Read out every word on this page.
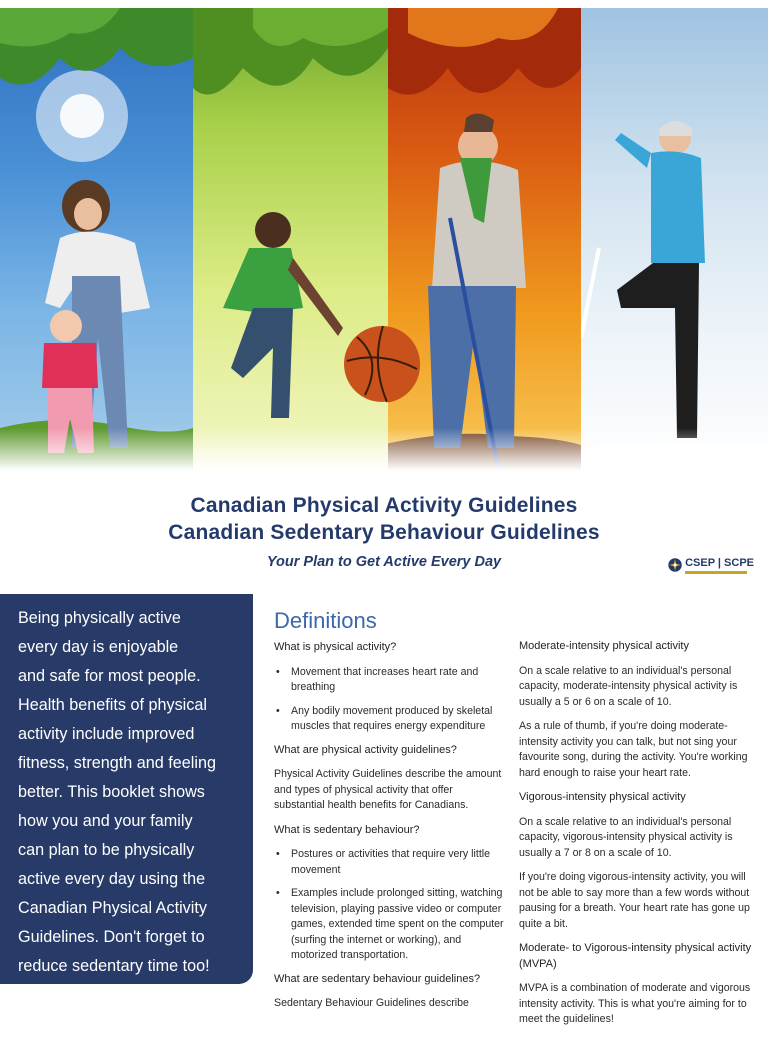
Canadian Physical Activity Guidelines
Canadian Sedentary Behaviour Guidelines
Your Plan to Get Active Every Day	CSEP | SCPE
Being physically active
every day is enjoyable
and safe for most people.
Health benefits of physical
activity include improved
fitness, strength and feeling
better. This booklet shows
how you and your family
can plan to be physically
active every day using the
Canadian Physical Activity
Guidelines. Don't forget to
reduce sedentary time too!
Definitions
What is physical activity?
• Movement that increases heart rate and breathing
• Any bodily movement produced by skeletal muscles that requires energy expenditure
What are physical activity guidelines?
Physical Activity Guidelines describe the amount and types of physical activity that offer substantial health benefits for Canadians.
What is sedentary behaviour?
• Postures or activities that require very little movement
• Examples include prolonged sitting, watching television, playing passive video or computer games, extended time spent on the computer (surfing the internet or working), and motorized transportation.
What are sedentary behaviour guidelines?
Sedentary Behaviour Guidelines describe
Moderate-intensity physical activity
On a scale relative to an individual's personal capacity, moderate-intensity physical activity is usually a 5 or 6 on a scale of 10.
As a rule of thumb, if you're doing moderate-intensity activity you can talk, but not sing your favourite song, during the activity. You're working hard enough to raise your heart rate.
Vigorous-intensity physical activity
On a scale relative to an individual's personal capacity, vigorous-intensity physical activity is usually a 7 or 8 on a scale of 10.
If you're doing vigorous-intensity activity, you will not be able to say more than a few words without pausing for a breath. Your heart rate has gone up quite a bit.
Moderate- to Vigorous-intensity physical activity (MVPA)
MVPA is a combination of moderate and vigorous intensity activity. This is what you're aiming for to meet the guidelines!
